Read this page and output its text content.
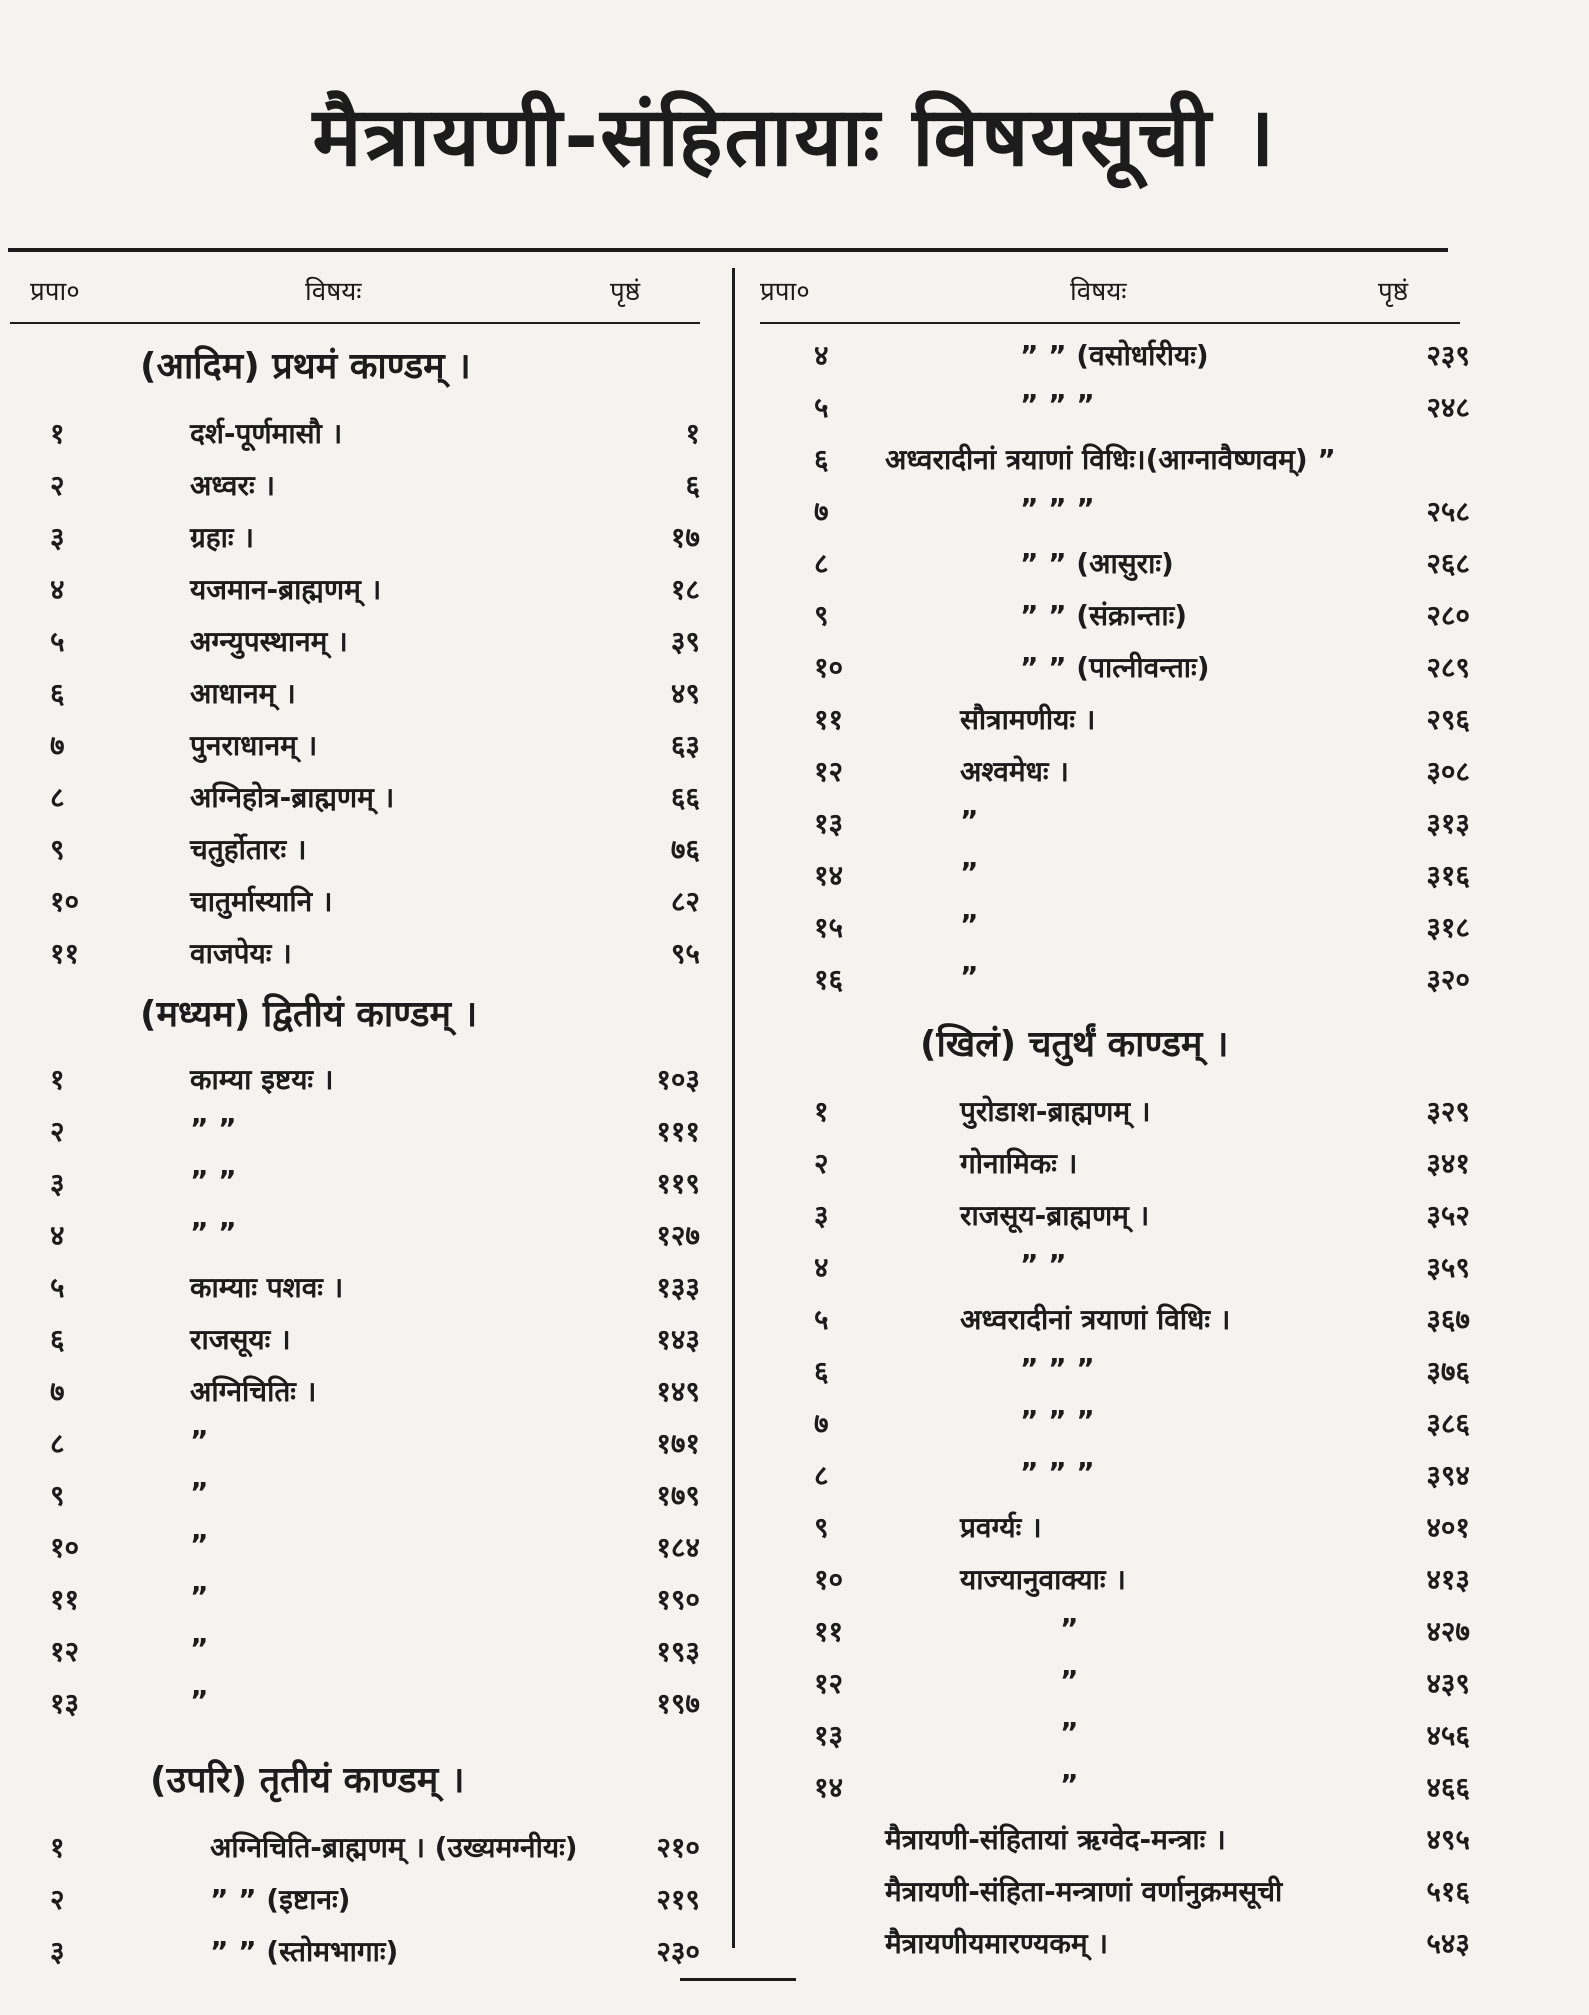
मैत्रायणी-संहितायाः विषयसूची ।
प्रपा०	विषयः	पृष्ठं	प्रपा०	विषयः	पृष्ठं
(आदिम) प्रथमं काण्डम् ।
१	दर्श-पूर्णमासौ ।	१
२	अध्वरः ।	६
३	ग्रहाः ।	१७
४	यजमान-ब्राह्मणम् ।	१८
५	अग्न्युपस्थानम् ।	३९
६	आधानम् ।	४९
७	पुनराधानम् ।	६३
८	अग्निहोत्र-ब्राह्मणम् ।	६६
९	चतुर्होतारः ।	७६
१०	चातुर्मास्यानि ।	८२
११	वाजपेयः ।	९५
(मध्यम) द्वितीयं काण्डम् ।
१	काम्या इष्टयः ।	१०३
२	” ”	१११
३	” ”	११९
४	” ”	१२७
५	काम्याः पशवः ।	१३३
६	राजसूयः ।	१४३
७	अग्निचितिः ।	१४९
८	”	१७१
९	”	१७९
१०	”	१८४
११	”	१९०
१२	”	१९३
१३	”	१९७
(उपरि) तृतीयं काण्डम् ।
१	अग्निचिति-ब्राह्मणम् । (उख्यमग्नीयः)	२१०
२	” ” (इष्टानः)	२१९
३	” ” (स्तोमभागाः)	२३०
४	” ” (वसोर्धारीयः)	२३९
५	” ” ”	२४८
६ अध्वरादीनां त्रयाणां विधिः।(आग्नावैष्णवम्) ”
७	” ” ”	२५८
८	” ” (आसुराः)	२६८
९	” ” (संक्रान्ताः)	२८०
१०	” ” (पात्नीवन्ताः)	२८९
११	सौत्रामणीयः ।	२९६
१२	अश्वमेधः ।	३०८
१३	”	३१३
१४	”	३१६
१५	”	३१८
१६	”	३२०
(खिलं) चतुर्थं काण्डम् ।
१	पुरोडाश-ब्राह्मणम् ।	३२९
२	गोनामिकः ।	३४१
३	राजसूय-ब्राह्मणम् ।	३५२
४	” ”	३५९
५	अध्वरादीनां त्रयाणां विधिः ।	३६७
६	” ” ”	३७६
७	” ” ”	३८६
८	” ” ”	३९४
९	प्रवर्ग्यः ।	४०१
१०	याज्यानुवाक्याः ।	४१३
११	”	४२७
१२	”	४३९
१३	”	४५६
१४	”	४६६
मैत्रायणी-संहितायां ऋग्वेद-मन्त्राः ।	४९५
मैत्रायणी-संहिता-मन्त्राणां वर्णानुक्रमसूची	५१६
मैत्रायणीयमारण्यकम् ।	५४३
